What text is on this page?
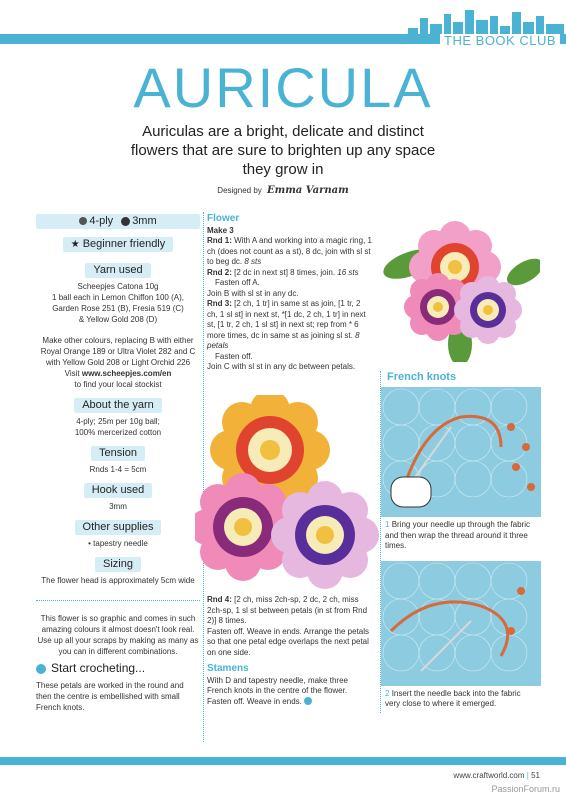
THE BOOK CLUB
AURICULA
Auriculas are a bright, delicate and distinct flowers that are sure to brighten up any space they grow in
Designed by Emma Varnam
4-ply	3mm
★ Beginner friendly
Yarn used
Scheepjes Catona 10g
1 ball each in Lemon Chiffon 100 (A),
Garden Rose 251 (B), Fresia 519 (C)
& Yellow Gold 208 (D)
Make other colours, replacing B with either
Royal Orange 189 or Ultra Violet 282 and C
with Yellow Gold 208 or Light Orchid 226
Visit www.scheepjes.com/en
to find your local stockist
About the yarn
4-ply; 25m per 10g ball;
100% mercerized cotton
Tension
Rnds 1-4 = 5cm
Hook used
3mm
Other supplies
• tapestry needle
Sizing
The flower head is approximately 5cm wide
This flower is so graphic and comes in such amazing colours it almost doesn't look real. Use up all your scraps by making as many as you can in different combinations.
Start crocheting...
These petals are worked in the round and then the centre is embellished with small French knots.
Flower
Make 3
Rnd 1: With A and working into a magic ring, 1 ch (does not count as a st), 8 dc, join with sl st to beg dc. 8 sts
Rnd 2: [2 dc in next st] 8 times, join. 16 sts
Fasten off A.
Join B with sl st in any dc.
Rnd 3: [2 ch, 1 tr] in same st as join, [1 tr, 2 ch, 1 sl st] in next st, *[1 dc, 2 ch, 1 tr] in next st, [1 tr, 2 ch, 1 sl st] in next st; rep from * 6 more times, dc in same st as joining sl st. 8 petals
Fasten off.
Join C with sl st in any dc between petals.
Rnd 4: [2 ch, miss 2ch-sp, 2 dc, 2 ch, miss 2ch-sp, 1 sl st between petals (in st from Rnd 2)] 8 times.
Fasten off. Weave in ends. Arrange the petals so that one petal edge overlaps the next petal on one side.
Stamens
With D and tapestry needle, make three French knots in the centre of the flower. Fasten off. Weave in ends.
French knots
1 Bring your needle up through the fabric and then wrap the thread around it three times.
2 Insert the needle back into the fabric very close to where it emerged.
www.craftworld.com | 51
PassionForum.ru
